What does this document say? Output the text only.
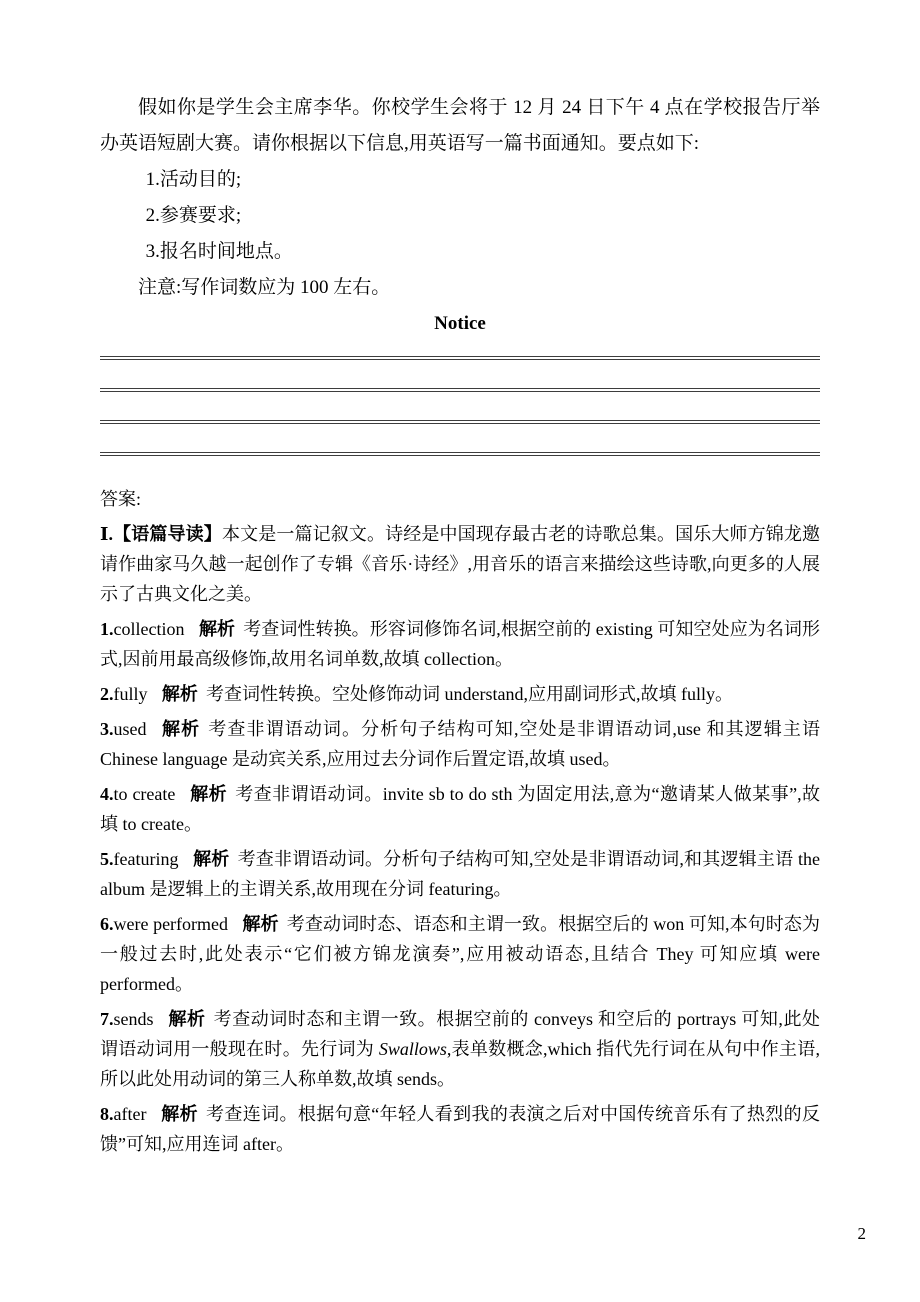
假如你是学生会主席李华。你校学生会将于 12 月 24 日下午 4 点在学校报告厅举办英语短剧大赛。请你根据以下信息,用英语写一篇书面通知。要点如下:

1.活动目的;

2.参赛要求;

3.报名时间地点。

注意:写作词数应为 100 左右。

Notice

答案:

Ⅰ.【语篇导读】本文是一篇记叙文。诗经是中国现存最古老的诗歌总集。国乐大师方锦龙邀请作曲家马久越一起创作了专辑《音乐·诗经》,用音乐的语言来描绘这些诗歌,向更多的人展示了古典文化之美。

1.collection 解析 考查词性转换。形容词修饰名词,根据空前的 existing 可知空处应为名词形式,因前用最高级修饰,故用名词单数,故填 collection。

2.fully 解析 考查词性转换。空处修饰动词 understand,应用副词形式,故填 fully。

3.used 解析 考查非谓语动词。分析句子结构可知,空处是非谓语动词,use 和其逻辑主语 Chinese language 是动宾关系,应用过去分词作后置定语,故填 used。

4.to create 解析 考查非谓语动词。invite sb to do sth 为固定用法,意为“邀请某人做某事”,故填 to create。

5.featuring 解析 考查非谓语动词。分析句子结构可知,空处是非谓语动词,和其逻辑主语 the album 是逻辑上的主谓关系,故用现在分词 featuring。

6.were performed 解析 考查动词时态、语态和主谓一致。根据空后的 won 可知,本句时态为一般过去时,此处表示“它们被方锦龙演奏”,应用被动语态,且结合 They 可知应填 were performed。

7.sends 解析 考查动词时态和主谓一致。根据空前的 conveys 和空后的 portrays 可知,此处谓语动词用一般现在时。先行词为 Swallows,表单数概念,which 指代先行词在从句中作主语,所以此处用动词的第三人称单数,故填 sends。

8.after 解析 考查连词。根据句意“年轻人看到我的表演之后对中国传统音乐有了热烈的反馈”可知,应用连词 after。

2
